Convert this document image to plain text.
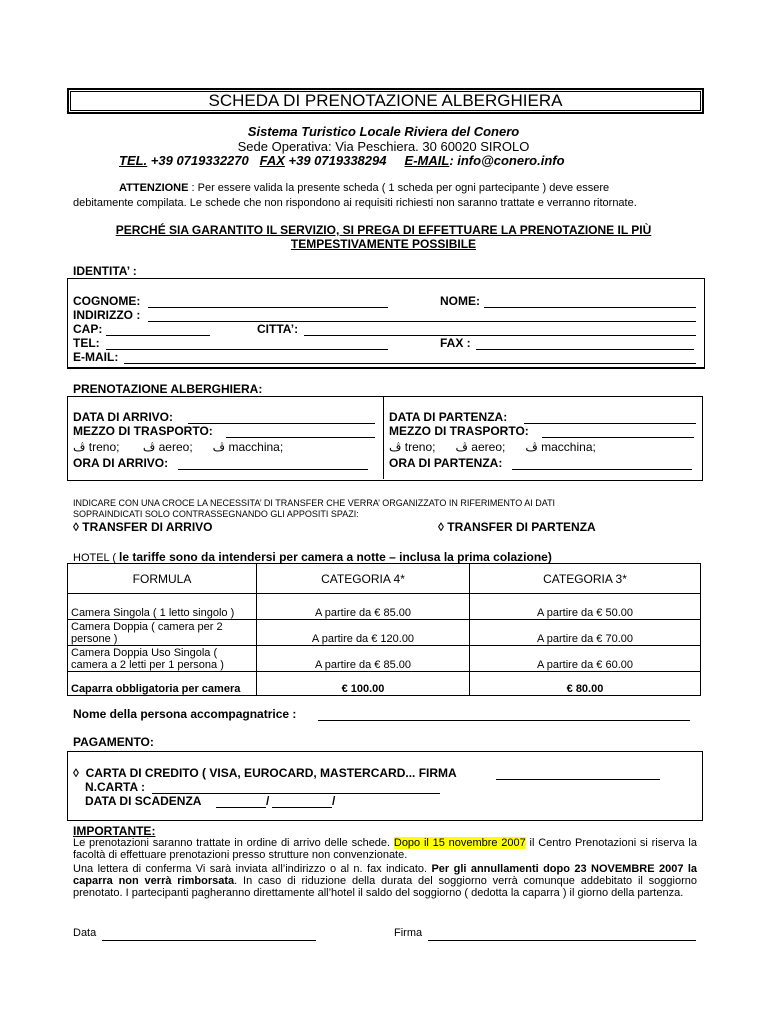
SCHEDA DI PRENOTAZIONE ALBERGHIERA
Sistema Turistico Locale Riviera del Conero
Sede Operativa: Via Peschiera. 30 60020 SIROLO
TEL. +39 0719332270 FAX +39 0719338294 E-MAIL: info@conero.info
ATTENZIONE : Per essere valida la presente scheda ( 1 scheda per ogni partecipante ) deve essere
debitamente compilata. Le schede che non rispondono ai requisiti richiesti non saranno trattate e verranno ritornate.
PERCHÉ SIA GARANTITO IL SERVIZIO, SI PREGA DI EFFETTUARE LA PRENOTAZIONE IL PIÙ
TEMPESTIVAMENTE POSSIBILE
IDENTITA’ :
COGNOME:	NOME:
INDIRIZZO :
CAP:	CITTA’:
TEL:	FAX :
E-MAIL:
PRENOTAZIONE ALBERGHIERA:
DATA DI ARRIVO:
MEZZO DI TRASPORTO:
ڤ treno; ڤ aereo; ڤ macchina;
ORA DI ARRIVO:
DATA DI PARTENZA:
MEZZO DI TRASPORTO:
ڤ treno; ڤ aereo; ڤ macchina;
ORA DI PARTENZA:
INDICARE CON UNA CROCE LA NECESSITA’ DI TRANSFER CHE VERRA’ ORGANIZZATO IN RIFERIMENTO AI DATI
SOPRAINDICATI SOLO CONTRASSEGNANDO GLI APPOSITI SPAZI:
◊ TRANSFER DI ARRIVO	◊ TRANSFER DI PARTENZA
HOTEL ( le tariffe sono da intendersi per camera a notte – inclusa la prima colazione)
FORMULA	CATEGORIA 4*	CATEGORIA 3*
Camera Singola ( 1 letto singolo )	A partire da € 85.00	A partire da € 50.00
Camera Doppia ( camera per 2 persone )	A partire da € 120.00	A partire da € 70.00
Camera Doppia Uso Singola ( camera a 2 letti per 1 persona )	A partire da € 85.00	A partire da € 60.00
Caparra obbligatoria per camera	€ 100.00	€ 80.00
Nome della persona accompagnatrice :
PAGAMENTO:
◊ CARTA DI CREDITO ( VISA, EUROCARD, MASTERCARD... FIRMA
N.CARTA :
DATA DI SCADENZA	/	/
IMPORTANTE:
Le prenotazioni saranno trattate in ordine di arrivo delle schede. Dopo il 15 novembre 2007 il Centro Prenotazioni si riserva la facoltà di effettuare prenotazioni presso strutture non convenzionate.
Una lettera di conferma Vi sarà inviata all’indirizzo o al n. fax indicato. Per gli annullamenti dopo 23 NOVEMBRE 2007 la caparra non verrà rimborsata. In caso di riduzione della durata del soggiorno verrà comunque addebitato il soggiorno prenotato. I partecipanti pagheranno direttamente all’hotel il saldo del soggiorno ( dedotta la caparra ) il giorno della partenza.
Data	Firma
